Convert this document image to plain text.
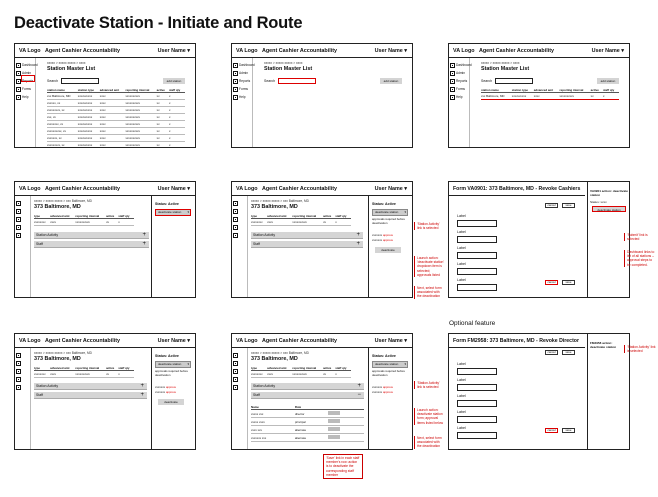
Deactivate Station - Initiate and Route
Optional feature
VA Logo Agent Cashier Accountability	User Name ▾
Dashboard
Admin
Reports
Forms
Help
xxxxx > xxxxx xxxxx > xxxx
Station Master List
Search	add station
station name	station type	advanced amt	reporting interval	active	staff qty
xxx Baltimore, MD	xxxxxxxxxx	xxxx	xxxxxxxxxx	xx	x
xxxxxx, xx	xxxxxxxxxx	xxxx	xxxxxxxxxx	xx	x
xxxxxxxxx, xx	xxxxxxxxxx	xxxx	xxxxxxxxxx	xx	x
xxx, xx	xxxxxxxxxx	xxxx	xxxxxxxxxx	xx	x
xxxxxxxx, xx	xxxxxxxxxx	xxxx	xxxxxxxxxx	xx	x
xxxxxxxxxx, xx	xxxxxxxxxx	xxxx	xxxxxxxxxx	xx	x
xxxxxxx, xx	xxxxxxxxxx	xxxx	xxxxxxxxxx	xx	x
xxxxxxxxx, xx	xxxxxxxxxx	xxxx	xxxxxxxxxx	xx	x
VA Logo Agent Cashier Accountability	User Name ▾
Dashboard
Admin
Reports
Forms
Help
xxxxx > xxxxx xxxxx > xxxx
Station Master List
Search	add station
VA Logo Agent Cashier Accountability	User Name ▾
Dashboard
Admin
Reports
Forms
Help
xxxxx > xxxxx xxxxx > xxxx
Station Master List
Search	add station
station name	station type	advanced amt	reporting interval	active	staff qty
xxx Baltimore, MD	xxxxxxxxxx	xxxx	xxxxxxxxxx	xx	x
VA Logo Agent Cashier Accountability	User Name ▾
xxxxx > xxxxx xxxxx > xxx Baltimore, MD
373 Baltimore, MD
type	advanced amt	reporting interval	active	staff qty
xxxxxxxx	xxxx	xxxxxxxxxx	xx	x
Station Activity	+
Staff	+
Status: Active
deactivate station ▾
VA Logo Agent Cashier Accountability	User Name ▾
xxxxx > xxxxx xxxxx > xxx Baltimore, MD
373 Baltimore, MD
type	advanced amt	reporting interval	active	staff qty
xxxxxxxx	xxxx	xxxxxxxxxx	xx	x
Station Activity	+
Staff	+
Status: Active
deactivate station ▾
approvals required before deactivation
xxxxxxx approve
xxxxxxx approve
deactivate
Form VA0901: 373 Baltimore, MD - Revoke Cashiers
cancel	save
Label
Label
Label
Label
Label	cancel	save
VA0901 action: deactivate station
Status: xxxx
deactivate station
VA Logo Agent Cashier Accountability	User Name ▾
xxxxx > xxxxx xxxxx > xxx Baltimore, MD
373 Baltimore, MD
type	advanced amt	reporting interval	active	staff qty
xxxxxxxx	xxxx	xxxxxxxxxx	xx	x
Station Activity	+
Staff	+
Status: Active
deactivate station ▾
approvals required before deactivation
xxxxxxx approve
xxxxxxx approve
deactivate
VA Logo Agent Cashier Accountability	User Name ▾
xxxxx > xxxxx xxxxx > xxx Baltimore, MD
373 Baltimore, MD
type	advanced amt	reporting interval	active	staff qty
xxxxxxxx	xxxx	xxxxxxxxxx	xx	x
Station Activity	+
Staff	−
Name	Role	
xxxxx xxx	director	
xxxxx xxxx	principal	
xxxx xxx	alternate	
xxxxxxx xxx	alternate	
Status: Active
deactivate station ▾
approvals required before deactivation
xxxxxxx approve
xxxxxxx approve
Form FM2958: 373 Baltimore, MD - Revoke Director
cancel	save
Label
Label
Label
Label
Label	cancel	save
FM2958 action: deactivate station
'Station Activity' link is selected
Launch action: 'deactivate station' dropdown item is selected; approvals listed
Next, select form associated with the deactivation
'Submit' link is selected
Dashboard links to list of all stations – approval steps to be completed.
'Station Activity' link is selected
Launch action: deactivate station form; approval items listed below
Next, select form associated with the deactivation
'Save' link in each staff member's row: action is to deactivate the corresponding staff member
'Station Activity' link is selected
